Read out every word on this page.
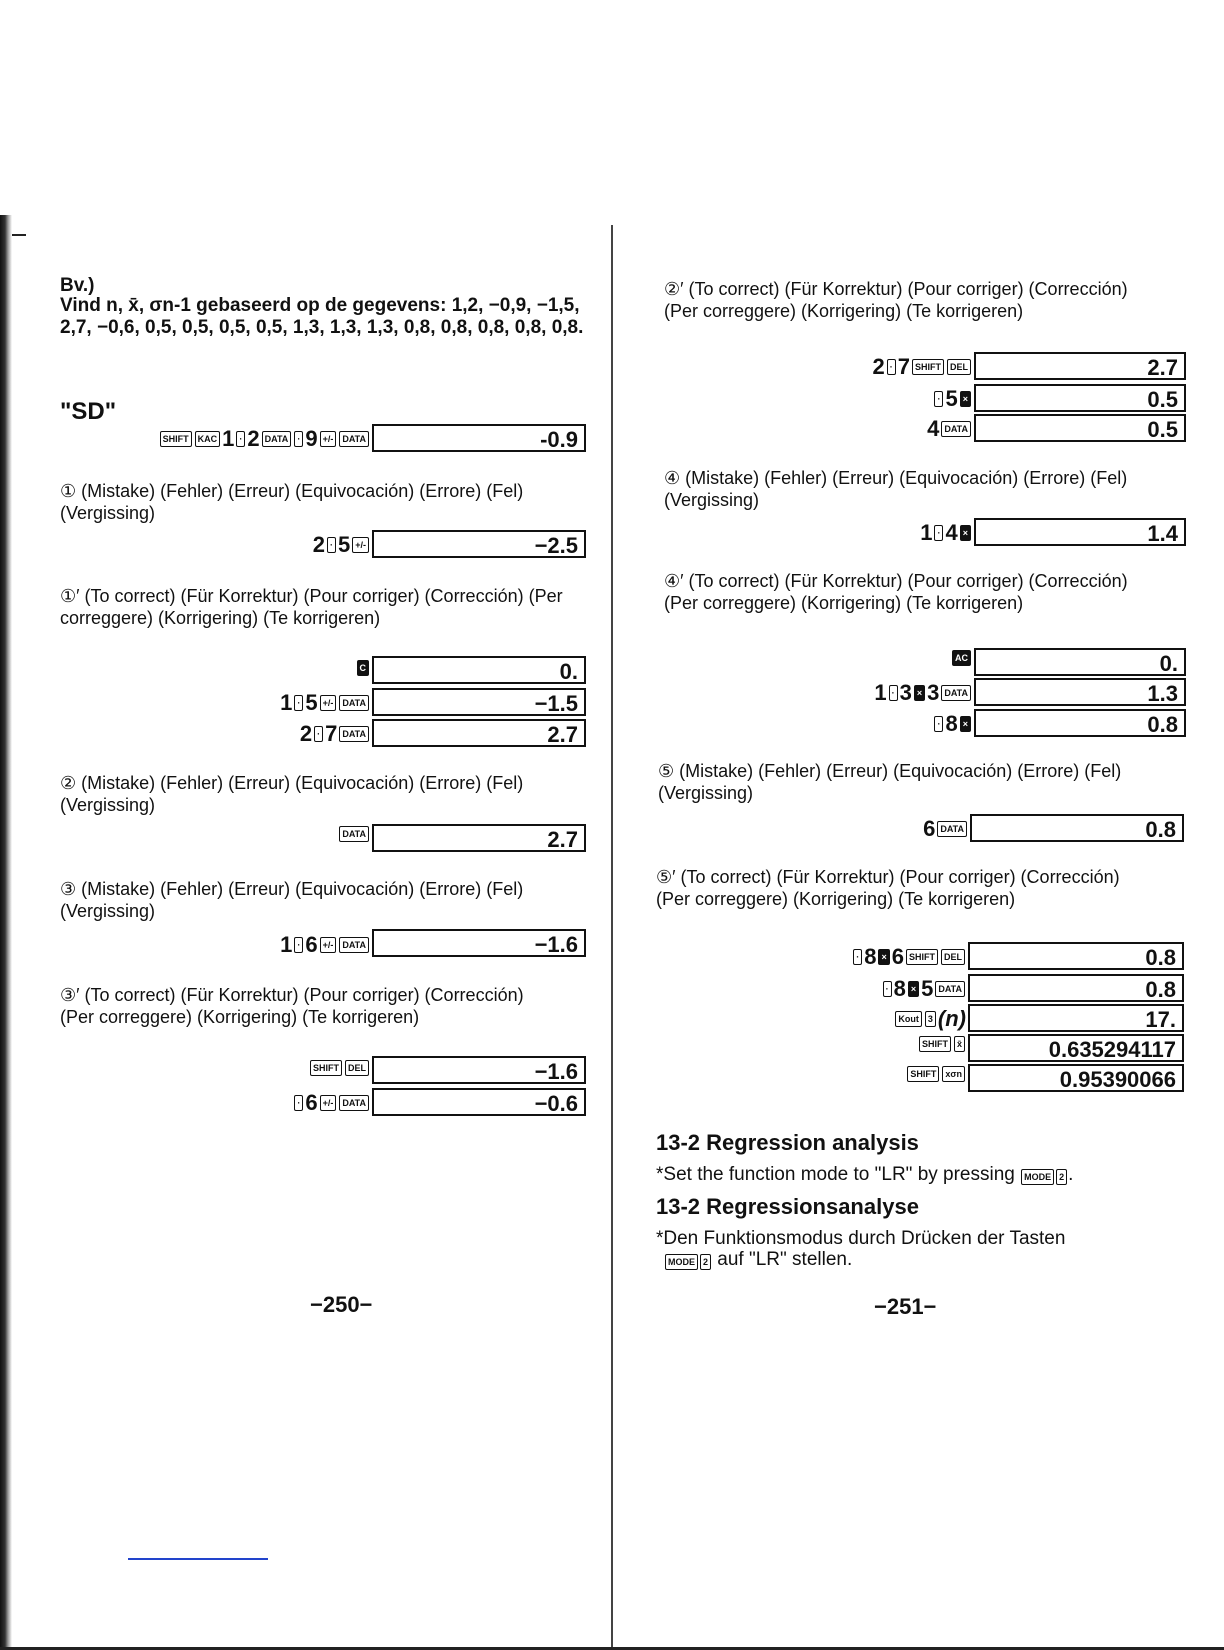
Bv.)
Vind n, x̄, σn-1 gebaseerd op de gegevens: 1,2, −0,9, −1,5, 2,7, −0,6, 0,5, 0,5, 0,5, 0,5, 1,3, 1,3, 1,3, 0,8, 0,8, 0,8, 0,8, 0,8.
"SD"
SHIFT	KAC 1 · 2 DATA	· 9 +/-	DATA	-0.9
① (Mistake) (Fehler) (Erreur) (Equivocación) (Errore) (Fel) (Vergissing)
2 · 5 +/-	−2.5
①′ (To correct) (Für Korrektur) (Pour corriger) (Corrección) (Per correggere) (Korrigering) (Te korrigeren)
C	0.
1 · 5 +/-	DATA	−1.5
2 · 7 DATA	2.7
② (Mistake) (Fehler) (Erreur) (Equivocación) (Errore) (Fel) (Vergissing)
DATA	2.7
③ (Mistake) (Fehler) (Erreur) (Equivocación) (Errore) (Fel) (Vergissing)
1 · 6 +/-	DATA	−1.6
③′ (To correct) (Für Korrektur) (Pour corriger) (Corrección) (Per correggere) (Korrigering) (Te korrigeren)
SHIFT	DEL	−1.6
· 6 +/-	DATA	−0.6
−250−
②′ (To correct) (Für Korrektur) (Pour corriger) (Corrección) (Per correggere) (Korrigering) (Te korrigeren)
2 · 7 SHIFT	DEL	2.7
· 5 ×	0.5
4 DATA	0.5
④ (Mistake) (Fehler) (Erreur) (Equivocación) (Errore) (Fel) (Vergissing)
1 · 4 ×	1.4
④′ (To correct) (Für Korrektur) (Pour corriger) (Corrección) (Per correggere) (Korrigering) (Te korrigeren)
AC	0.
1 · 3 × 3 DATA	1.3
· 8 ×	0.8
⑤ (Mistake) (Fehler) (Erreur) (Equivocación) (Errore) (Fel) (Vergissing)
6 DATA	0.8
⑤′ (To correct) (Für Korrektur) (Pour corriger) (Corrección) (Per correggere) (Korrigering) (Te korrigeren)
· 8 × 6 SHIFT	DEL	0.8
· 8 × 5 DATA	0.8
Kout	3 (n)	17.
SHIFT	x̄	0.635294117
SHIFT	xσn	0.95390066
13-2 Regression analysis
*Set the function mode to "LR" by pressing MODE 2 .
13-2 Regressionsanalyse
*Den Funktionsmodus durch Drücken der Tasten
MODE 2 auf "LR" stellen.
−251−
